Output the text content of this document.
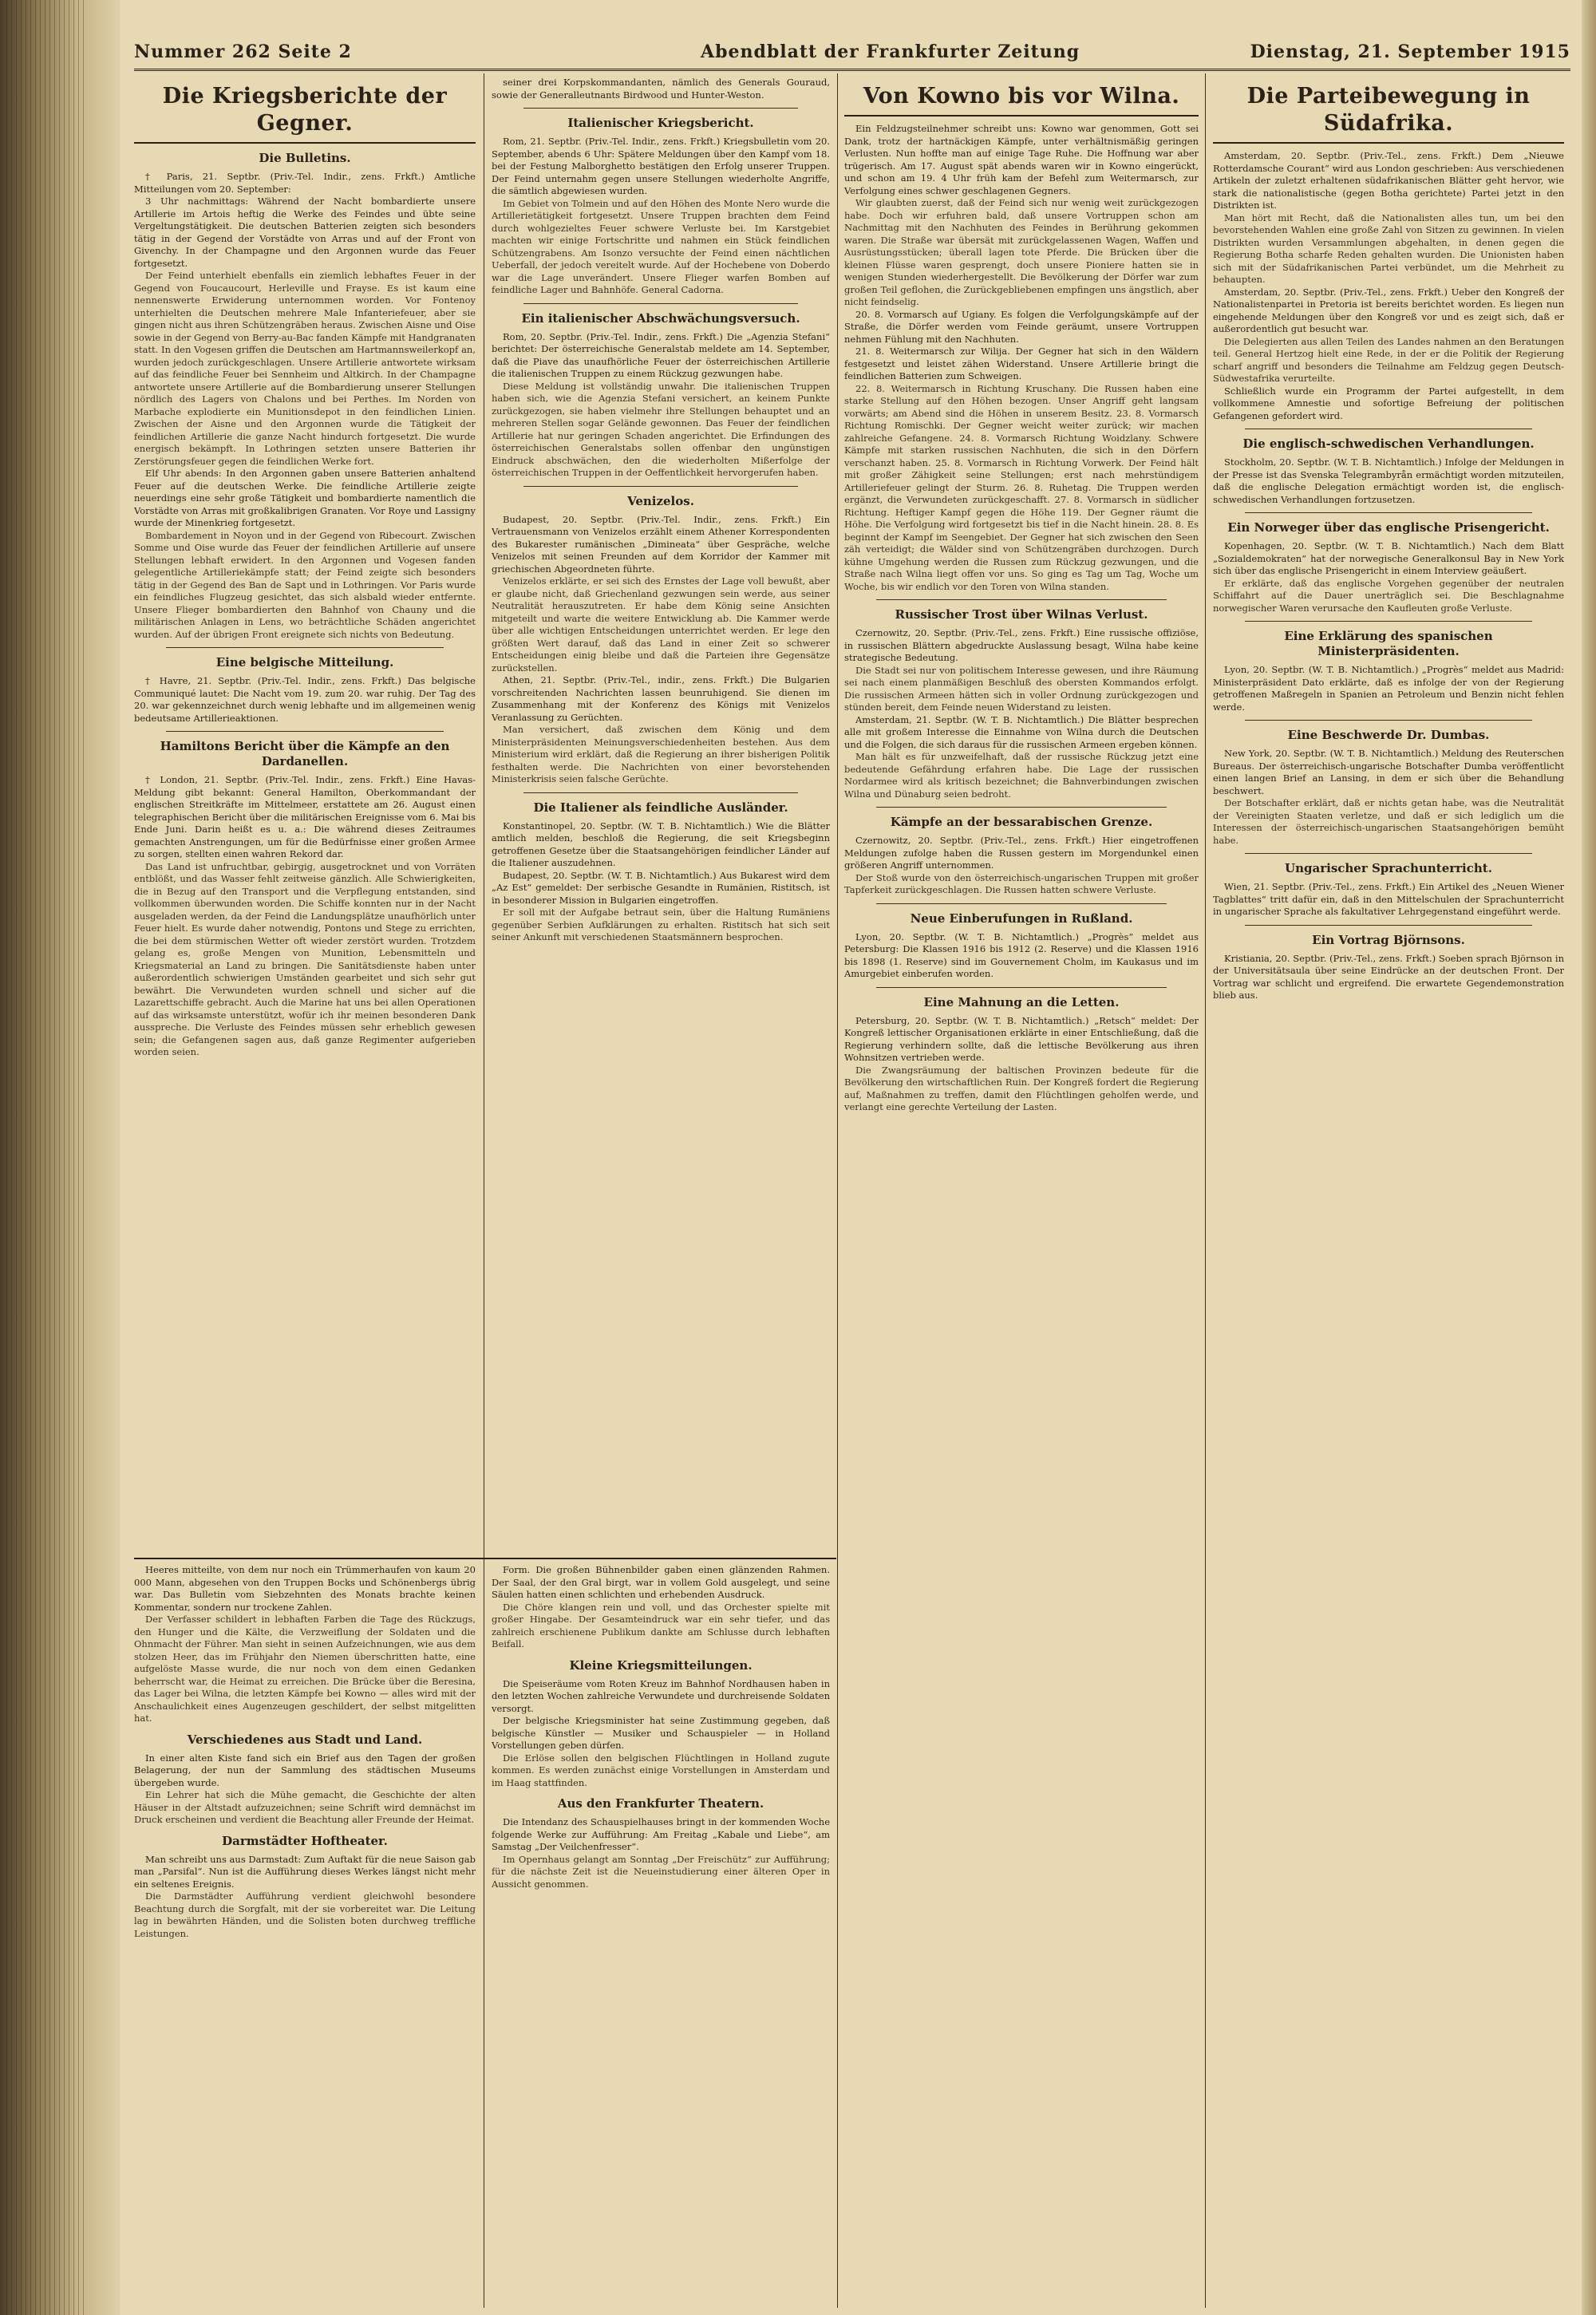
Nummer 262 Seite 2	Abendblatt der Frankfurter Zeitung	Dienstag, 21. September 1915
Die Kriegsberichte der Gegner.
Die Bulletins.

† Paris, 21. Septbr. (Priv.-Tel. Indir., zens. Frkft.) Amtliche Mitteilungen vom 20. September:

3 Uhr nachmittags: Während der Nacht bombardierte unsere Artillerie im Artois heftig die Werke des Feindes und übte seine Vergeltungstätigkeit. Die deutschen Batterien zeigten sich besonders tätig in der Gegend der Vorstädte von Arras und auf der Front von Givenchy. In der Champagne und den Argonnen wurde das Feuer fortgesetzt.

Der Feind unterhielt ebenfalls ein ziemlich lebhaftes Feuer in der Gegend von Foucaucourt, Herleville und Frayse. Es ist kaum eine nennenswerte Erwiderung unternommen worden. Vor Fontenoy unterhielten die Deutschen mehrere Male Infanteriefeuer, aber sie gingen nicht aus ihren Schützengräben heraus. Zwischen Aisne und Oise sowie in der Gegend von Berry-au-Bac fanden Kämpfe mit Handgranaten statt. In den Vogesen griffen die Deutschen am Hartmannsweilerkopf an, wurden jedoch zurückgeschlagen. Unsere Artillerie antwortete wirksam auf das feindliche Feuer bei Sennheim und Altkirch. In der Champagne antwortete unsere Artillerie auf die Bombardierung unserer Stellungen nördlich des Lagers von Chalons und bei Perthes. Im Norden von Marbache explodierte ein Munitionsdepot in den feindlichen Linien. Zwischen der Aisne und den Argonnen wurde die Tätigkeit der feindlichen Artillerie die ganze Nacht hindurch fortgesetzt. Die wurde energisch bekämpft. In Lothringen setzten unsere Batterien ihr Zerstörungsfeuer gegen die feindlichen Werke fort.

Elf Uhr abends: In den Argonnen gaben unsere Batterien anhaltend Feuer auf die deutschen Werke. Die feindliche Artillerie zeigte neuerdings eine sehr große Tätigkeit und bombardierte namentlich die Vorstädte von Arras mit großkalibrigen Granaten. Vor Roye und Lassigny wurde der Minenkrieg fortgesetzt.

Bombardement in Noyon und in der Gegend von Ribecourt. Zwischen Somme und Oise wurde das Feuer der feindlichen Artillerie auf unsere Stellungen lebhaft erwidert. In den Argonnen und Vogesen fanden gelegentliche Artilleriekämpfe statt; der Feind zeigte sich besonders tätig in der Gegend des Ban de Sapt und in Lothringen. Vor Paris wurde ein feindliches Flugzeug gesichtet, das sich alsbald wieder entfernte. Unsere Flieger bombardierten den Bahnhof von Chauny und die militärischen Anlagen in Lens, wo beträchtliche Schäden angerichtet wurden. Auf der übrigen Front ereignete sich nichts von Bedeutung.

Eine belgische Mitteilung.

† Havre, 21. Septbr. (Priv.-Tel. Indir., zens. Frkft.) Das belgische Communiqué lautet: Die Nacht vom 19. zum 20. war ruhig. Der Tag des 20. war gekennzeichnet durch wenig lebhafte und im allgemeinen wenig bedeutsame Artillerieaktionen.

Hamiltons Bericht über die Kämpfe an den Dardanellen.

† London, 21. Septbr. (Priv.-Tel. Indir., zens. Frkft.) Eine Havas-Meldung gibt bekannt: General Hamilton, Oberkommandant der englischen Streitkräfte im Mittelmeer, erstattete am 26. August einen telegraphischen Bericht über die militärischen Ereignisse vom 6. Mai bis Ende Juni. Darin heißt es u. a.: Die während dieses Zeitraumes gemachten Anstrengungen, um für die Bedürfnisse einer großen Armee zu sorgen, stellten einen wahren Rekord dar.

Das Land ist unfruchtbar, gebirgig, ausgetrocknet und von Vorräten entblößt, und das Wasser fehlt zeitweise gänzlich. Alle Schwierigkeiten, die in Bezug auf den Transport und die Verpflegung entstanden, sind vollkommen überwunden worden. Die Schiffe konnten nur in der Nacht ausgeladen werden, da der Feind die Landungsplätze unaufhörlich unter Feuer hielt. Es wurde daher notwendig, Pontons und Stege zu errichten, die bei dem stürmischen Wetter oft wieder zerstört wurden. Trotzdem gelang es, große Mengen von Munition, Lebensmitteln und Kriegsmaterial an Land zu bringen. Die Sanitätsdienste haben unter außerordentlich schwierigen Umständen gearbeitet und sich sehr gut bewährt. Die Verwundeten wurden schnell und sicher auf die Lazarettschiffe gebracht. Auch die Marine hat uns bei allen Operationen auf das wirksamste unterstützt, wofür ich ihr meinen besonderen Dank ausspreche. Die Verluste des Feindes müssen sehr erheblich gewesen sein; die Gefangenen sagen aus, daß ganze Regimenter aufgerieben worden seien.

seiner drei Korpskommandanten, nämlich des Generals Gouraud, sowie der Generalleutnants Birdwood und Hunter-Weston.

Italienischer Kriegsbericht.

Rom, 21. Septbr. (Priv.-Tel. Indir., zens. Frkft.) Kriegsbulletin vom 20. September, abends 6 Uhr: Spätere Meldungen über den Kampf vom 18. bei der Festung Malborghetto bestätigen den Erfolg unserer Truppen. Der Feind unternahm gegen unsere Stellungen wiederholte Angriffe, die sämtlich abgewiesen wurden.

Im Gebiet von Tolmein und auf den Höhen des Monte Nero wurde die Artillerietätigkeit fortgesetzt. Unsere Truppen brachten dem Feind durch wohlgezieltes Feuer schwere Verluste bei. Im Karstgebiet machten wir einige Fortschritte und nahmen ein Stück feindlichen Schützengrabens. Am Isonzo versuchte der Feind einen nächtlichen Ueberfall, der jedoch vereitelt wurde. Auf der Hochebene von Doberdo war die Lage unverändert. Unsere Flieger warfen Bomben auf feindliche Lager und Bahnhöfe. General Cadorna.

Ein italienischer Abschwächungsversuch.

Rom, 20. Septbr. (Priv.-Tel. Indir., zens. Frkft.) Die „Agenzia Stefani“ berichtet: Der österreichische Generalstab meldete am 14. September, daß die Piave das unaufhörliche Feuer der österreichischen Artillerie die italienischen Truppen zu einem Rückzug gezwungen habe.

Diese Meldung ist vollständig unwahr. Die italienischen Truppen haben sich, wie die Agenzia Stefani versichert, an keinem Punkte zurückgezogen, sie haben vielmehr ihre Stellungen behauptet und an mehreren Stellen sogar Gelände gewonnen. Das Feuer der feindlichen Artillerie hat nur geringen Schaden angerichtet. Die Erfindungen des österreichischen Generalstabs sollen offenbar den ungünstigen Eindruck abschwächen, den die wiederholten Mißerfolge der österreichischen Truppen in der Oeffentlichkeit hervorgerufen haben.

Venizelos.

Budapest, 20. Septbr. (Priv.-Tel. Indir., zens. Frkft.) Ein Vertrauensmann von Venizelos erzählt einem Athener Korrespondenten des Bukarester rumänischen „Dimineata“ über Gespräche, welche Venizelos mit seinen Freunden auf dem Korridor der Kammer mit griechischen Abgeordneten führte.

Venizelos erklärte, er sei sich des Ernstes der Lage voll bewußt, aber er glaube nicht, daß Griechenland gezwungen sein werde, aus seiner Neutralität herauszutreten. Er habe dem König seine Ansichten mitgeteilt und warte die weitere Entwicklung ab. Die Kammer werde über alle wichtigen Entscheidungen unterrichtet werden. Er lege den größten Wert darauf, daß das Land in einer Zeit so schwerer Entscheidungen einig bleibe und daß die Parteien ihre Gegensätze zurückstellen.

Athen, 21. Septbr. (Priv.-Tel., indir., zens. Frkft.) Die Bulgarien vorschreitenden Nachrichten lassen beunruhigend. Sie dienen im Zusammenhang mit der Konferenz des Königs mit Venizelos Veranlassung zu Gerüchten.

Man versichert, daß zwischen dem König und dem Ministerpräsidenten Meinungsverschiedenheiten bestehen. Aus dem Ministerium wird erklärt, daß die Regierung an ihrer bisherigen Politik festhalten werde. Die Nachrichten von einer bevorstehenden Ministerkrisis seien falsche Gerüchte.

Die Italiener als feindliche Ausländer.

Konstantinopel, 20. Septbr. (W. T. B. Nichtamtlich.) Wie die Blätter amtlich melden, beschloß die Regierung, die seit Kriegsbeginn getroffenen Gesetze über die Staatsangehörigen feindlicher Länder auf die Italiener auszudehnen.

Budapest, 20. Septbr. (W. T. B. Nichtamtlich.) Aus Bukarest wird dem „Az Est“ gemeldet: Der serbische Gesandte in Rumänien, Ristitsch, ist in besonderer Mission in Bulgarien eingetroffen.

Er soll mit der Aufgabe betraut sein, über die Haltung Rumäniens gegenüber Serbien Aufklärungen zu erhalten. Ristitsch hat sich seit seiner Ankunft mit verschiedenen Staatsmännern besprochen.

Von Kowno bis vor Wilna.

Ein Feldzugsteilnehmer schreibt uns: Kowno war genommen, Gott sei Dank, trotz der hartnäckigen Kämpfe, unter verhältnismäßig geringen Verlusten. Nun hoffte man auf einige Tage Ruhe. Die Hoffnung war aber trügerisch. Am 17. August spät abends waren wir in Kowno eingerückt, und schon am 19. 4 Uhr früh kam der Befehl zum Weitermarsch, zur Verfolgung eines schwer geschlagenen Gegners.

Wir glaubten zuerst, daß der Feind sich nur wenig weit zurückgezogen habe. Doch wir erfuhren bald, daß unsere Vortruppen schon am Nachmittag mit den Nachhuten des Feindes in Berührung gekommen waren. Die Straße war übersät mit zurückgelassenen Wagen, Waffen und Ausrüstungsstücken; überall lagen tote Pferde. Die Brücken über die kleinen Flüsse waren gesprengt, doch unsere Pioniere hatten sie in wenigen Stunden wiederhergestellt. Die Bevölkerung der Dörfer war zum großen Teil geflohen, die Zurückgebliebenen empfingen uns ängstlich, aber nicht feindselig.

20. 8. Vormarsch auf Ugiany. Es folgen die Verfolgungskämpfe auf der Straße, die Dörfer werden vom Feinde geräumt, unsere Vortruppen nehmen Fühlung mit den Nachhuten.

21. 8. Weitermarsch zur Wilija. Der Gegner hat sich in den Wäldern festgesetzt und leistet zähen Widerstand. Unsere Artillerie bringt die feindlichen Batterien zum Schweigen.

22. 8. Weitermarsch in Richtung Kruschany. Die Russen haben eine starke Stellung auf den Höhen bezogen. Unser Angriff geht langsam vorwärts; am Abend sind die Höhen in unserem Besitz. 23. 8. Vormarsch Richtung Romischki. Der Gegner weicht weiter zurück; wir machen zahlreiche Gefangene. 24. 8. Vormarsch Richtung Woidzlany. Schwere Kämpfe mit starken russischen Nachhuten, die sich in den Dörfern verschanzt haben. 25. 8. Vormarsch in Richtung Vorwerk. Der Feind hält mit großer Zähigkeit seine Stellungen; erst nach mehrstündigem Artilleriefeuer gelingt der Sturm. 26. 8. Ruhetag. Die Truppen werden ergänzt, die Verwundeten zurückgeschafft. 27. 8. Vormarsch in südlicher Richtung. Heftiger Kampf gegen die Höhe 119. Der Gegner räumt die Höhe. Die Verfolgung wird fortgesetzt bis tief in die Nacht hinein. 28. 8. Es beginnt der Kampf im Seengebiet. Der Gegner hat sich zwischen den Seen zäh verteidigt; die Wälder sind von Schützengräben durchzogen. Durch kühne Umgehung werden die Russen zum Rückzug gezwungen, und die Straße nach Wilna liegt offen vor uns. So ging es Tag um Tag, Woche um Woche, bis wir endlich vor den Toren von Wilna standen.

Russischer Trost über Wilnas Verlust.

Czernowitz, 20. Septbr. (Priv.-Tel., zens. Frkft.) Eine russische offiziöse, in russischen Blättern abgedruckte Auslassung besagt, Wilna habe keine strategische Bedeutung.

Die Stadt sei nur von politischem Interesse gewesen, und ihre Räumung sei nach einem planmäßigen Beschluß des obersten Kommandos erfolgt. Die russischen Armeen hätten sich in voller Ordnung zurückgezogen und stünden bereit, dem Feinde neuen Widerstand zu leisten.

Amsterdam, 21. Septbr. (W. T. B. Nichtamtlich.) Die Blätter besprechen alle mit großem Interesse die Einnahme von Wilna durch die Deutschen und die Folgen, die sich daraus für die russischen Armeen ergeben können.

Man hält es für unzweifelhaft, daß der russische Rückzug jetzt eine bedeutende Gefährdung erfahren habe. Die Lage der russischen Nordarmee wird als kritisch bezeichnet; die Bahnverbindungen zwischen Wilna und Dünaburg seien bedroht.

Kämpfe an der bessarabischen Grenze.

Czernowitz, 20. Septbr. (Priv.-Tel., zens. Frkft.) Hier eingetroffenen Meldungen zufolge haben die Russen gestern im Morgendunkel einen größeren Angriff unternommen.

Der Stoß wurde von den österreichisch-ungarischen Truppen mit großer Tapferkeit zurückgeschlagen. Die Russen hatten schwere Verluste.

Neue Einberufungen in Rußland.

Lyon, 20. Septbr. (W. T. B. Nichtamtlich.) „Progrès“ meldet aus Petersburg: Die Klassen 1916 bis 1912 (2. Reserve) und die Klassen 1916 bis 1898 (1. Reserve) sind im Gouvernement Cholm, im Kaukasus und im Amurgebiet einberufen worden.

Eine Mahnung an die Letten.

Petersburg, 20. Septbr. (W. T. B. Nichtamtlich.) „Retsch“ meldet: Der Kongreß lettischer Organisationen erklärte in einer Entschließung, daß die Regierung verhindern sollte, daß die lettische Bevölkerung aus ihren Wohnsitzen vertrieben werde.

Die Zwangsräumung der baltischen Provinzen bedeute für die Bevölkerung den wirtschaftlichen Ruin. Der Kongreß fordert die Regierung auf, Maßnahmen zu treffen, damit den Flüchtlingen geholfen werde, und verlangt eine gerechte Verteilung der Lasten.

Die Parteibewegung in Südafrika.

Amsterdam, 20. Septbr. (Priv.-Tel., zens. Frkft.) Dem „Nieuwe Rotterdamsche Courant“ wird aus London geschrieben: Aus verschiedenen Artikeln der zuletzt erhaltenen südafrikanischen Blätter geht hervor, wie stark die nationalistische (gegen Botha gerichtete) Partei jetzt in den Distrikten ist.

Man hört mit Recht, daß die Nationalisten alles tun, um bei den bevorstehenden Wahlen eine große Zahl von Sitzen zu gewinnen. In vielen Distrikten wurden Versammlungen abgehalten, in denen gegen die Regierung Botha scharfe Reden gehalten wurden. Die Unionisten haben sich mit der Südafrikanischen Partei verbündet, um die Mehrheit zu behaupten.

Amsterdam, 20. Septbr. (Priv.-Tel., zens. Frkft.) Ueber den Kongreß der Nationalistenpartei in Pretoria ist bereits berichtet worden. Es liegen nun eingehende Meldungen über den Kongreß vor und es zeigt sich, daß er außerordentlich gut besucht war.

Die Delegierten aus allen Teilen des Landes nahmen an den Beratungen teil. General Hertzog hielt eine Rede, in der er die Politik der Regierung scharf angriff und besonders die Teilnahme am Feldzug gegen Deutsch-Südwestafrika verurteilte.

Schließlich wurde ein Programm der Partei aufgestellt, in dem vollkommene Amnestie und sofortige Befreiung der politischen Gefangenen gefordert wird.

Die englisch-schwedischen Verhandlungen.

Stockholm, 20. Septbr. (W. T. B. Nichtamtlich.) Infolge der Meldungen in der Presse ist das Svenska Telegrambyrån ermächtigt worden mitzuteilen, daß die englische Delegation ermächtigt worden ist, die englisch-schwedischen Verhandlungen fortzusetzen.

Ein Norweger über das englische Prisengericht.

Kopenhagen, 20. Septbr. (W. T. B. Nichtamtlich.) Nach dem Blatt „Sozialdemokraten“ hat der norwegische Generalkonsul Bay in New York sich über das englische Prisengericht in einem Interview geäußert.

Er erklärte, daß das englische Vorgehen gegenüber der neutralen Schiffahrt auf die Dauer unerträglich sei. Die Beschlagnahme norwegischer Waren verursache den Kaufleuten große Verluste.

Eine Erklärung des spanischen Ministerpräsidenten.

Lyon, 20. Septbr. (W. T. B. Nichtamtlich.) „Progrès“ meldet aus Madrid: Ministerpräsident Dato erklärte, daß es infolge der von der Regierung getroffenen Maßregeln in Spanien an Petroleum und Benzin nicht fehlen werde.

Eine Beschwerde Dr. Dumbas.

New York, 20. Septbr. (W. T. B. Nichtamtlich.) Meldung des Reuterschen Bureaus. Der österreichisch-ungarische Botschafter Dumba veröffentlicht einen langen Brief an Lansing, in dem er sich über die Behandlung beschwert.

Der Botschafter erklärt, daß er nichts getan habe, was die Neutralität der Vereinigten Staaten verletze, und daß er sich lediglich um die Interessen der österreichisch-ungarischen Staatsangehörigen bemüht habe.

Ungarischer Sprachunterricht.

Wien, 21. Septbr. (Priv.-Tel., zens. Frkft.) Ein Artikel des „Neuen Wiener Tagblattes“ tritt dafür ein, daß in den Mittelschulen der Sprachunterricht in ungarischer Sprache als fakultativer Lehrgegenstand eingeführt werde.

Ein Vortrag Björnsons.

Kristiania, 20. Septbr. (Priv.-Tel., zens. Frkft.) Soeben sprach Björnson in der Universitätsaula über seine Eindrücke an der deutschen Front. Der Vortrag war schlicht und ergreifend. Die erwartete Gegendemonstration blieb aus.

Heeres mitteilte, von dem nur noch ein Trümmerhaufen von kaum 20 000 Mann, abgesehen von den Truppen Bocks und Schönenbergs übrig war. Das Bulletin vom Siebzehnten des Monats brachte keinen Kommentar, sondern nur trockene Zahlen.

Der Verfasser schildert in lebhaften Farben die Tage des Rückzugs, den Hunger und die Kälte, die Verzweiflung der Soldaten und die Ohnmacht der Führer. Man sieht in seinen Aufzeichnungen, wie aus dem stolzen Heer, das im Frühjahr den Niemen überschritten hatte, eine aufgelöste Masse wurde, die nur noch von dem einen Gedanken beherrscht war, die Heimat zu erreichen. Die Brücke über die Beresina, das Lager bei Wilna, die letzten Kämpfe bei Kowno — alles wird mit der Anschaulichkeit eines Augenzeugen geschildert, der selbst mitgelitten hat.

Verschiedenes aus Stadt und Land.

In einer alten Kiste fand sich ein Brief aus den Tagen der großen Belagerung, der nun der Sammlung des städtischen Museums übergeben wurde.

Ein Lehrer hat sich die Mühe gemacht, die Geschichte der alten Häuser in der Altstadt aufzuzeichnen; seine Schrift wird demnächst im Druck erscheinen und verdient die Beachtung aller Freunde der Heimat.

Darmstädter Hoftheater.

Man schreibt uns aus Darmstadt: Zum Auftakt für die neue Saison gab man „Parsifal“. Nun ist die Aufführung dieses Werkes längst nicht mehr ein seltenes Ereignis.

Die Darmstädter Aufführung verdient gleichwohl besondere Beachtung durch die Sorgfalt, mit der sie vorbereitet war. Die Leitung lag in bewährten Händen, und die Solisten boten durchweg treffliche Leistungen.

Form. Die großen Bühnenbilder gaben einen glänzenden Rahmen. Der Saal, der den Gral birgt, war in vollem Gold ausgelegt, und seine Säulen hatten einen schlichten und erhebenden Ausdruck.

Die Chöre klangen rein und voll, und das Orchester spielte mit großer Hingabe. Der Gesamteindruck war ein sehr tiefer, und das zahlreich erschienene Publikum dankte am Schlusse durch lebhaften Beifall.

Kleine Kriegsmitteilungen.

Die Speiseräume vom Roten Kreuz im Bahnhof Nordhausen haben in den letzten Wochen zahlreiche Verwundete und durchreisende Soldaten versorgt.

Der belgische Kriegsminister hat seine Zustimmung gegeben, daß belgische Künstler — Musiker und Schauspieler — in Holland Vorstellungen geben dürfen.

Die Erlöse sollen den belgischen Flüchtlingen in Holland zugute kommen. Es werden zunächst einige Vorstellungen in Amsterdam und im Haag stattfinden.

Aus den Frankfurter Theatern.

Die Intendanz des Schauspielhauses bringt in der kommenden Woche folgende Werke zur Aufführung: Am Freitag „Kabale und Liebe“, am Samstag „Der Veilchenfresser“.

Im Opernhaus gelangt am Sonntag „Der Freischütz“ zur Aufführung; für die nächste Zeit ist die Neueinstudierung einer älteren Oper in Aussicht genommen.
